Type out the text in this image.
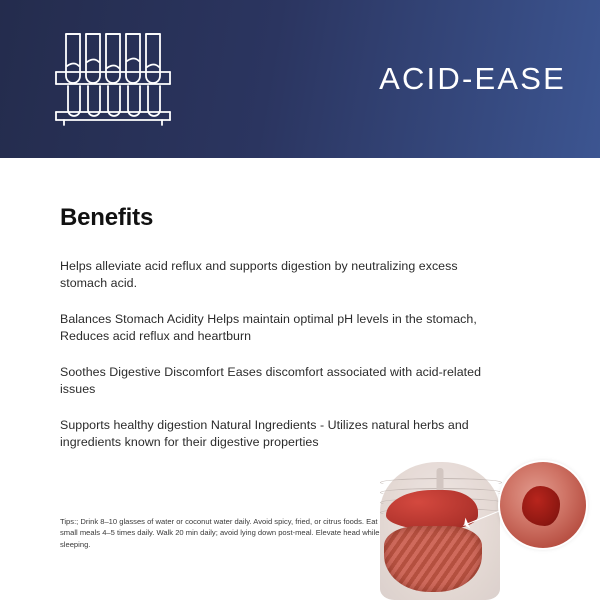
ACID-EASE
Benefits
Helps alleviate acid reflux and supports digestion by neutralizing excess stomach acid.
Balances Stomach Acidity Helps maintain optimal pH levels in the stomach, Reduces acid reflux and heartburn
Soothes Digestive Discomfort Eases discomfort associated with acid-related issues
Supports healthy digestion Natural Ingredients - Utilizes natural herbs and ingredients known for their digestive properties
Tips:; Drink 8–10 glasses of water or coconut water daily. Avoid spicy, fried, or citrus foods. Eat small meals 4–5 times daily. Walk 20 min daily; avoid lying down post-meal. Elevate head while sleeping.
